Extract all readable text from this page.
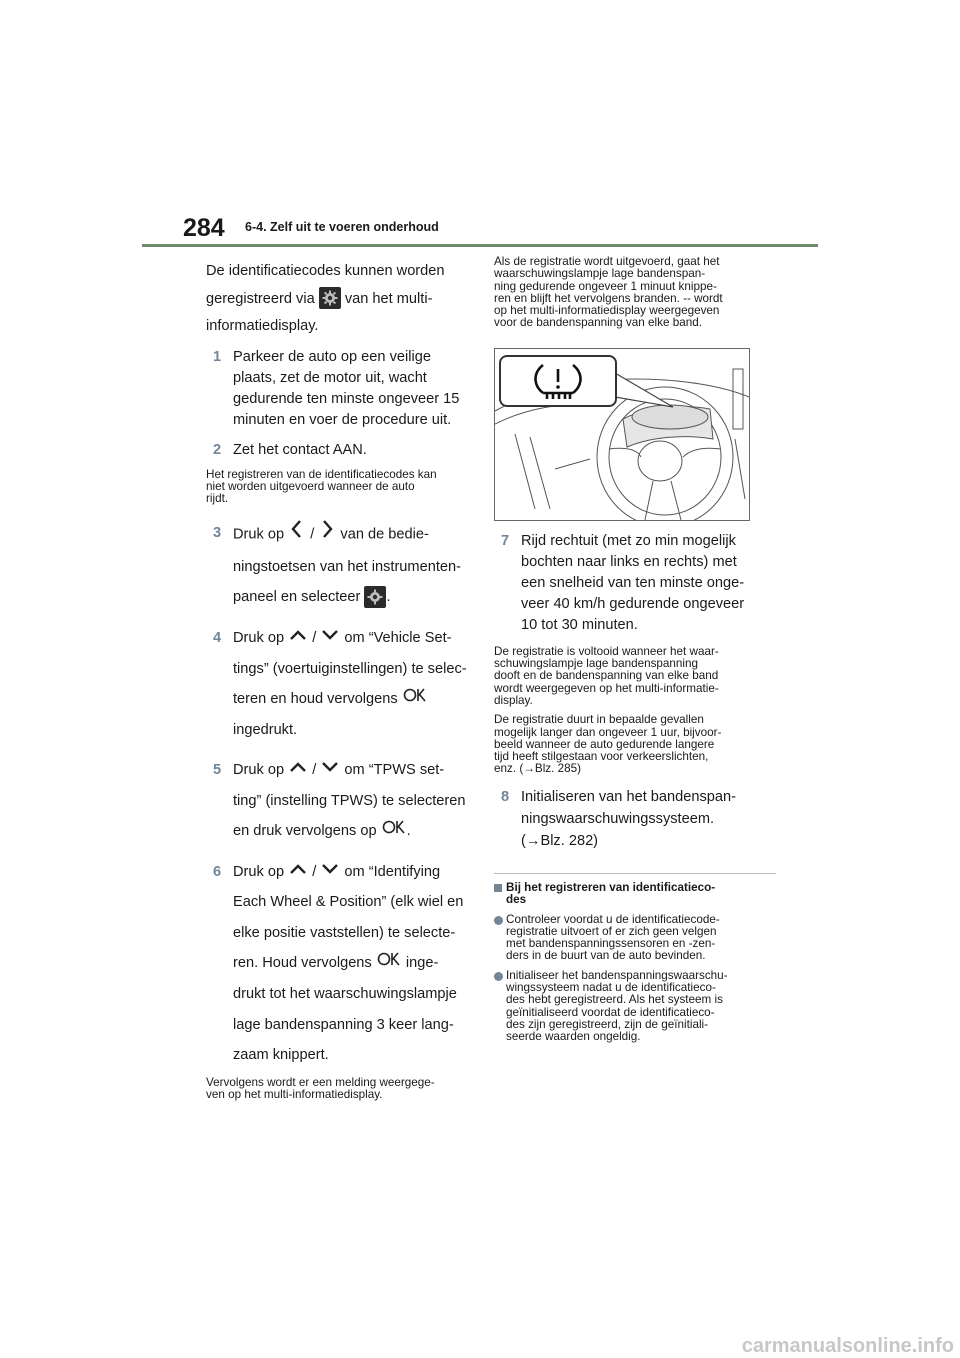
284 6-4. Zelf uit te voeren onderhoud

De identificatiecodes kunnen worden
geregistreerd via van het multi-
informatiedisplay.

1 Parkeer de auto op een veilige
plaats, zet de motor uit, wacht
gedurende ten minste ongeveer 15
minuten en voer de procedure uit.

2 Zet het contact AAN.

Het registreren van de identificatiecodes kan
niet worden uitgevoerd wanneer de auto
rijdt.

3 Druk op / van de bedie-
ningstoetsen van het instrumenten-
paneel en selecteer .

4 Druk op / om “Vehicle Set-
tings” (voertuiginstellingen) te selec-
teren en houd vervolgens
ingedrukt.

5 Druk op / om “TPWS set-
ting” (instelling TPWS) te selecteren
en druk vervolgens op .

6 Druk op / om “Identifying
Each Wheel & Position” (elk wiel en
elke positie vaststellen) te selecte-
ren. Houd vervolgens inge-
drukt tot het waarschuwingslampje
lage bandenspanning 3 keer lang-
zaam knippert.

Vervolgens wordt er een melding weergege-
ven op het multi-informatiedisplay.

Als de registratie wordt uitgevoerd, gaat het
waarschuwingslampje lage bandenspan-
ning gedurende ongeveer 1 minuut knippe-
ren en blijft het vervolgens branden. -- wordt
op het multi-informatiedisplay weergegeven
voor de bandenspanning van elke band.

7 Rijd rechtuit (met zo min mogelijk
bochten naar links en rechts) met
een snelheid van ten minste onge-
veer 40 km/h gedurende ongeveer
10 tot 30 minuten.

De registratie is voltooid wanneer het waar-
schuwingslampje lage bandenspanning
dooft en de bandenspanning van elke band
wordt weergegeven op het multi-informatie-
display.

De registratie duurt in bepaalde gevallen
mogelijk langer dan ongeveer 1 uur, bijvoor-
beeld wanneer de auto gedurende langere
tijd heeft stilgestaan voor verkeerslichten,
enz. (→Blz. 285)

8 Initialiseren van het bandenspan-
ningswaarschuwingssysteem.
(→Blz. 282)

Bij het registreren van identificatieco-
des

Controleer voordat u de identificatiecode-
registratie uitvoert of er zich geen velgen
met bandenspanningssensoren en -zen-
ders in de buurt van de auto bevinden.

Initialiseer het bandenspanningswaarschu-
wingssysteem nadat u de identificatieco-
des hebt geregistreerd. Als het systeem is
geïnitialiseerd voordat de identificatieco-
des zijn geregistreerd, zijn de geïnitiali-
seerde waarden ongeldig.

carmanualsonline.info
